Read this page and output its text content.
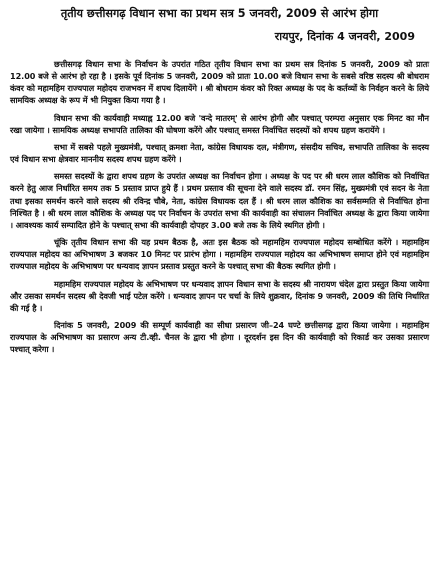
तृतीय छत्तीसगढ़ विधान सभा का प्रथम सत्र 5 जनवरी, 2009 से आरंभ होगा
रायपुर, दिनांक 4 जनवरी, 2009

छत्तीसगढ़ विधान सभा के निर्वाचन के उपरांत गठित तृतीय विधान सभा का प्रथम सत्र दिनांक 5 जनवरी, 2009 को प्रातः 12.00 बजे से आरंभ हो रहा है । इसके पूर्व दिनांक 5 जनवरी, 2009 को प्रातः 10.00 बजे विधान सभा के सबसे वरिष्ठ सदस्य श्री बोधराम कंवर को महामहिम राज्यपाल महोदय राजभवन में शपथ दिलायेंगे । श्री बोधराम कंवर को रिक्त अध्यक्ष के पद के कर्तव्यों के निर्वहन करने के लिये सामयिक अध्यक्ष के रूप में भी नियुक्त किया गया है ।

विधान सभा की कार्यवाही मध्याह्न 12.00 बजे 'वन्दे मातरम्' से आरंभ होगी और पश्चात् परम्परा अनुसार एक मिनट का मौन रखा जायेगा । सामयिक अध्यक्ष सभापति तालिका की घोषणा करेंगे और पश्चात् समस्त निर्वाचित सदस्यों को शपथ ग्रहण करायेंगे ।

सभा में सबसे पहले मुख्यमंत्री, पश्चात् क्रमशः नेता, कांग्रेस विधायक दल, मंत्रीगण, संसदीय सचिव, सभापति तालिका के सदस्य एवं विधान सभा क्षेत्रवार माननीय सदस्य शपथ ग्रहण करेंगे ।

समस्त सदस्यों के द्वारा शपथ ग्रहण के उपरांत अध्यक्ष का निर्वाचन होगा । अध्यक्ष के पद पर श्री धरम लाल कौशिक को निर्वाचित करने हेतु आज निर्धारित समय तक 5 प्रस्ताव प्राप्त हुये हैं । प्रथम प्रस्ताव की सूचना देने वाले सदस्य डॉ. रमन सिंह, मुख्यमंत्री एवं सदन के नेता तथा इसका समर्थन करने वाले सदस्य श्री रविन्द्र चौबे, नेता, कांग्रेस विधायक दल हैं । श्री धरम लाल कौशिक का सर्वसम्मति से निर्वाचित होना निश्चित है । श्री धरम लाल कौशिक के अध्यक्ष पद पर निर्वाचन के उपरांत सभा की कार्यवाही का संचालन निर्वाचित अध्यक्ष के द्वारा किया जायेगा । आवश्यक कार्य सम्पादित होने के पश्चात् सभा की कार्यवाही दोपहर 3.00 बजे तक के लिये स्थगित होगी ।

चूंकि तृतीय विधान सभा की यह प्रथम बैठक है, अतः इस बैठक को महामहिम राज्यपाल महोदय सम्बोधित करेंगे । महामहिम राज्यपाल महोदय का अभिभाषण 3 बजकर 10 मिनट पर प्रारंभ होगा । महामहिम राज्यपाल महोदय का अभिभाषण समाप्त होने एवं महामहिम राज्यपाल महोदय के अभिभाषण पर धन्यवाद ज्ञापन प्रस्ताव प्रस्तुत करने के पश्चात् सभा की बैठक स्थगित होगी ।

महामहिम राज्यपाल महोदय के अभिभाषण पर धन्यवाद ज्ञापन विधान सभा के सदस्य श्री नारायण चंदेल द्वारा प्रस्तुत किया जायेगा और उसका समर्थन सदस्य श्री देवजी भाई पटेल करेंगे । धन्यवाद ज्ञापन पर चर्चा के लिये शुक्रवार, दिनांक 9 जनवरी, 2009 की तिथि निर्धारित की गई है ।

दिनांक 5 जनवरी, 2009 की सम्पूर्ण कार्यवाही का सीधा प्रसारण जी–24 घण्टे छत्तीसगढ़ द्वारा किया जायेगा । महामहिम राज्यपाल के अभिभाषण का प्रसारण अन्य टी.व्ही. चैनल के द्वारा भी होगा । दूरदर्शन इस दिन की कार्यवाही को रिकार्ड कर उसका प्रसारण पश्चात् करेगा ।
